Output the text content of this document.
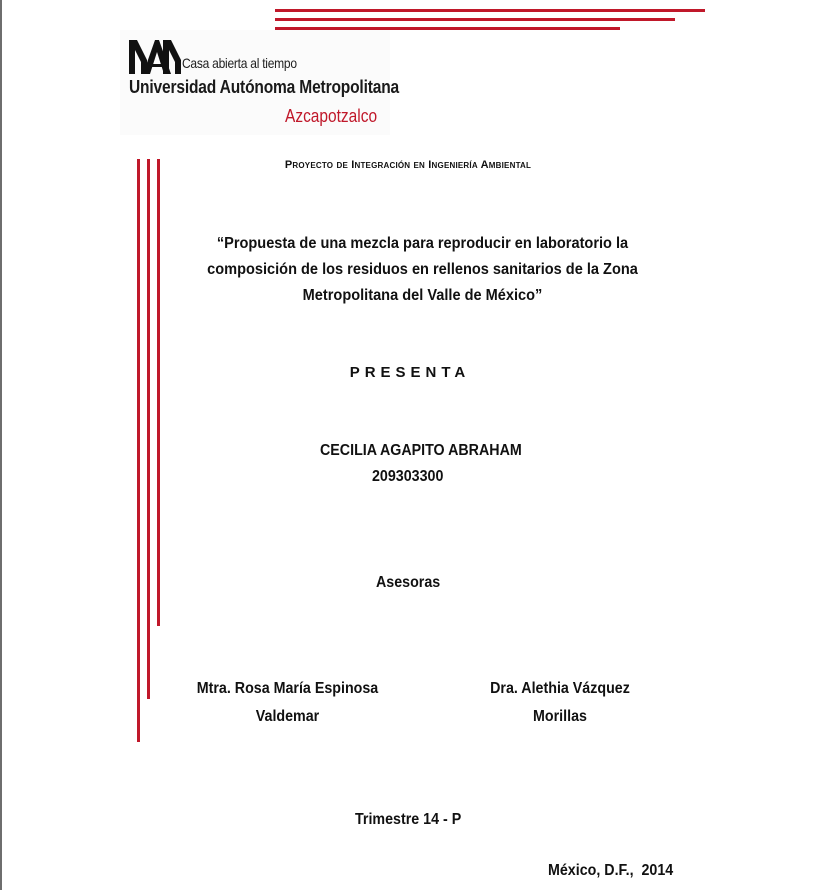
Casa abierta al tiempo
Universidad Autónoma Metropolitana
Azcapotzalco
Proyecto de Integración en Ingeniería Ambiental
“Propuesta de una mezcla para reproducir en laboratorio la composición de los residuos en rellenos sanitarios de la Zona Metropolitana del Valle de México”
PRESENTA
CECILIA AGAPITO ABRAHAM
209303300
Asesoras
Mtra. Rosa María Espinosa
Valdemar
Dra. Alethia Vázquez
Morillas
Trimestre 14 - P
México, D.F.,  2014
